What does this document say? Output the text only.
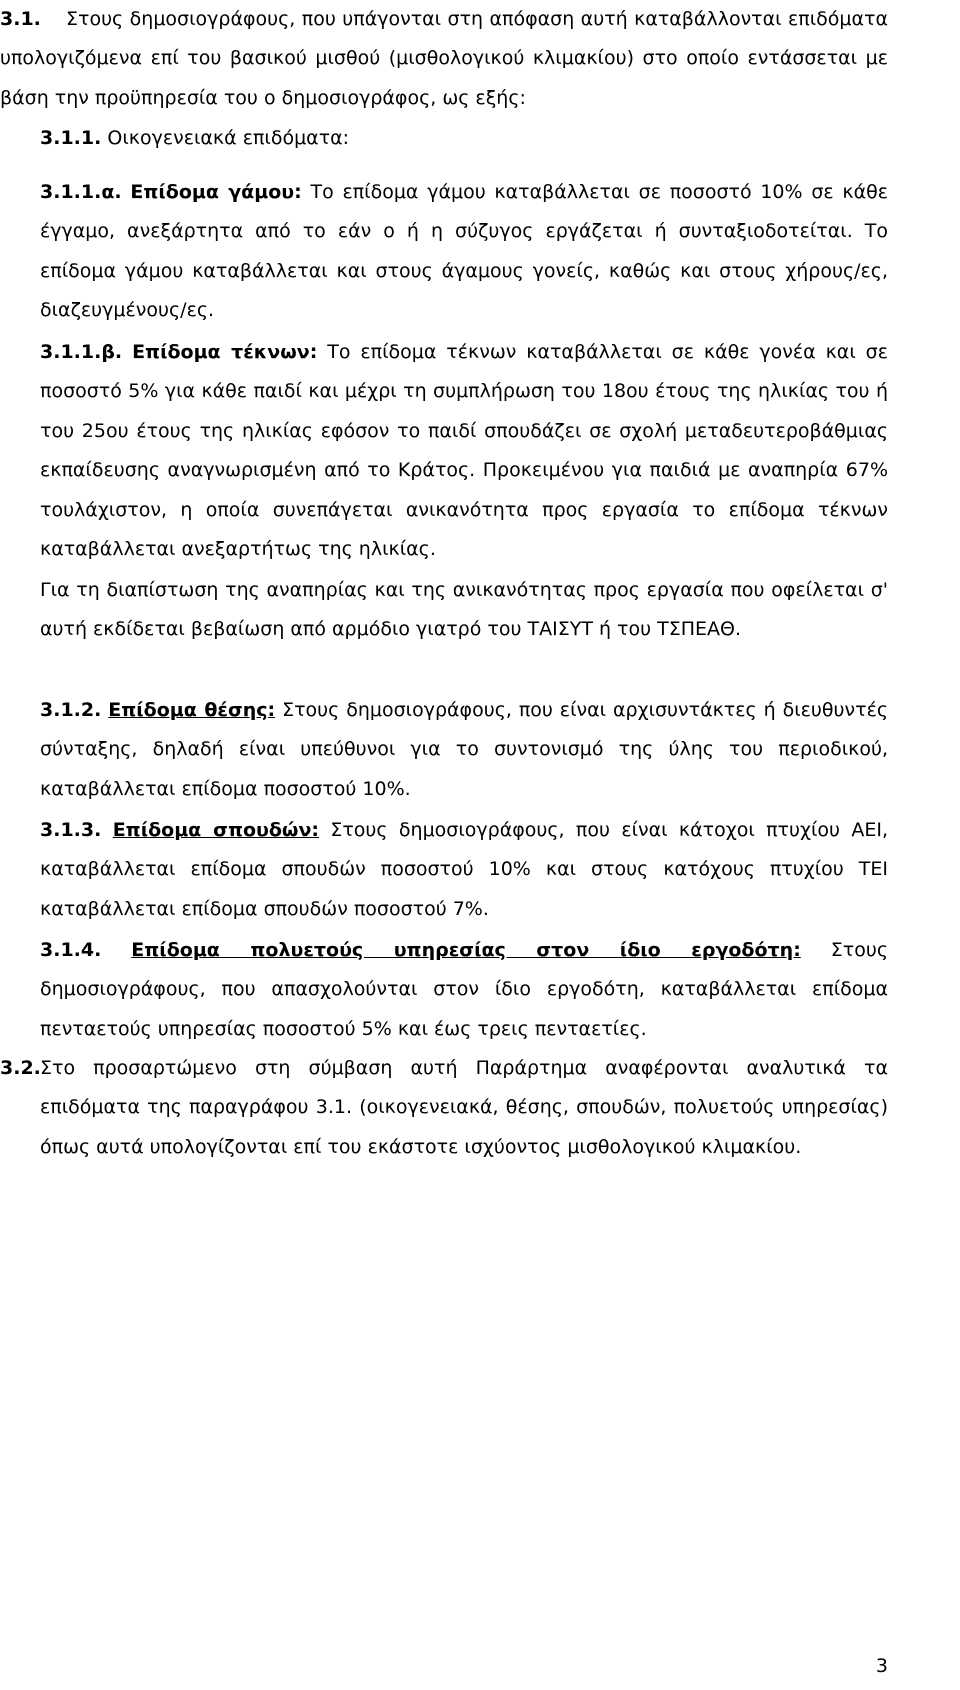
3.1. Στους δημοσιογράφους, που υπάγονται στη απόφαση αυτή καταβάλλονται επιδόματα υπολογιζόμενα επί του βασικού μισθού (μισθολογικού κλιμακίου) στο οποίο εντάσσεται με βάση την προϋπηρεσία του ο δημοσιογράφος, ως εξής:
3.1.1. Οικογενειακά επιδόματα:
3.1.1.α. Επίδομα γάμου: Το επίδομα γάμου καταβάλλεται σε ποσοστό 10% σε κάθε έγγαμο, ανεξάρτητα από το εάν ο ή η σύζυγος εργάζεται ή συνταξιοδοτείται. Το επίδομα γάμου καταβάλλεται και στους άγαμους γονείς, καθώς και στους χήρους/ες, διαζευγμένους/ες.
3.1.1.β. Επίδομα τέκνων: Το επίδομα τέκνων καταβάλλεται σε κάθε γονέα και σε ποσοστό 5% για κάθε παιδί και μέχρι τη συμπλήρωση του 18ου έτους της ηλικίας του ή του 25ου έτους της ηλικίας εφόσον το παιδί σπουδάζει σε σχολή μεταδευτεροβάθμιας εκπαίδευσης αναγνωρισμένη από το Κράτος. Προκειμένου για παιδιά με αναπηρία 67% τουλάχιστον, η οποία συνεπάγεται ανικανότητα προς εργασία το επίδομα τέκνων καταβάλλεται ανεξαρτήτως της ηλικίας.
Για τη διαπίστωση της αναπηρίας και της ανικανότητας προς εργασία που οφείλεται σ' αυτή εκδίδεται βεβαίωση από αρμόδιο γιατρό του ΤΑΙΣΥΤ ή του ΤΣΠΕΑΘ.
3.1.2. Επίδομα θέσης: Στους δημοσιογράφους, που είναι αρχισυντάκτες ή διευθυντές σύνταξης, δηλαδή είναι υπεύθυνοι για το συντονισμό της ύλης του περιοδικού, καταβάλλεται επίδομα ποσοστού 10%.
3.1.3. Επίδομα σπουδών: Στους δημοσιογράφους, που είναι κάτοχοι πτυχίου ΑΕΙ, καταβάλλεται επίδομα σπουδών ποσοστού 10% και στους κατόχους πτυχίου ΤΕΙ καταβάλλεται επίδομα σπουδών ποσοστού 7%.
3.1.4. Επίδομα πολυετούς υπηρεσίας στον ίδιο εργοδότη: Στους δημοσιογράφους, που απασχολούνται στον ίδιο εργοδότη, καταβάλλεται επίδομα πενταετούς υπηρεσίας ποσοστού 5% και έως τρεις πενταετίες.
3.2. Στο προσαρτώμενο στη σύμβαση αυτή Παράρτημα αναφέρονται αναλυτικά τα επιδόματα της παραγράφου 3.1. (οικογενειακά, θέσης, σπουδών, πολυετούς υπηρεσίας) όπως αυτά υπολογίζονται επί του εκάστοτε ισχύοντος μισθολογικού κλιμακίου.
3
